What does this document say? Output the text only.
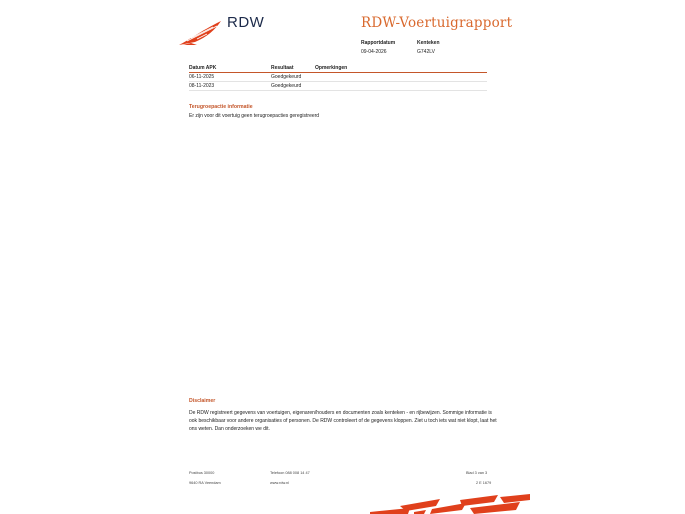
RDW	RDW-Voertuigrapport
Rapportdatum
09-04-2026
Kenteken
G742LV
Datum APK	Resultaat	Opmerkingen
06-11-2025	Goedgekeurd
08-11-2023	Goedgekeurd
Terugroepactie informatie
Er zijn voor dit voertuig geen terugroepacties geregistreerd
Disclaimer
De RDW registreert gegevens van voertuigen, eigenaren/houders en documenten zoals kenteken - en rijbewijzen. Sommige informatie is ook beschikbaar voor andere organisaties of personen. De RDW controleert of de gegevens kloppen. Ziet u toch iets wat niet klopt, laat het ons weten. Dan onderzoeken we dit.
Postbus 30000
9640 RA Veendam
Telefoon 088 008 14 47
www.rdw.nl
Blad 3 van 3
2 E 1679
